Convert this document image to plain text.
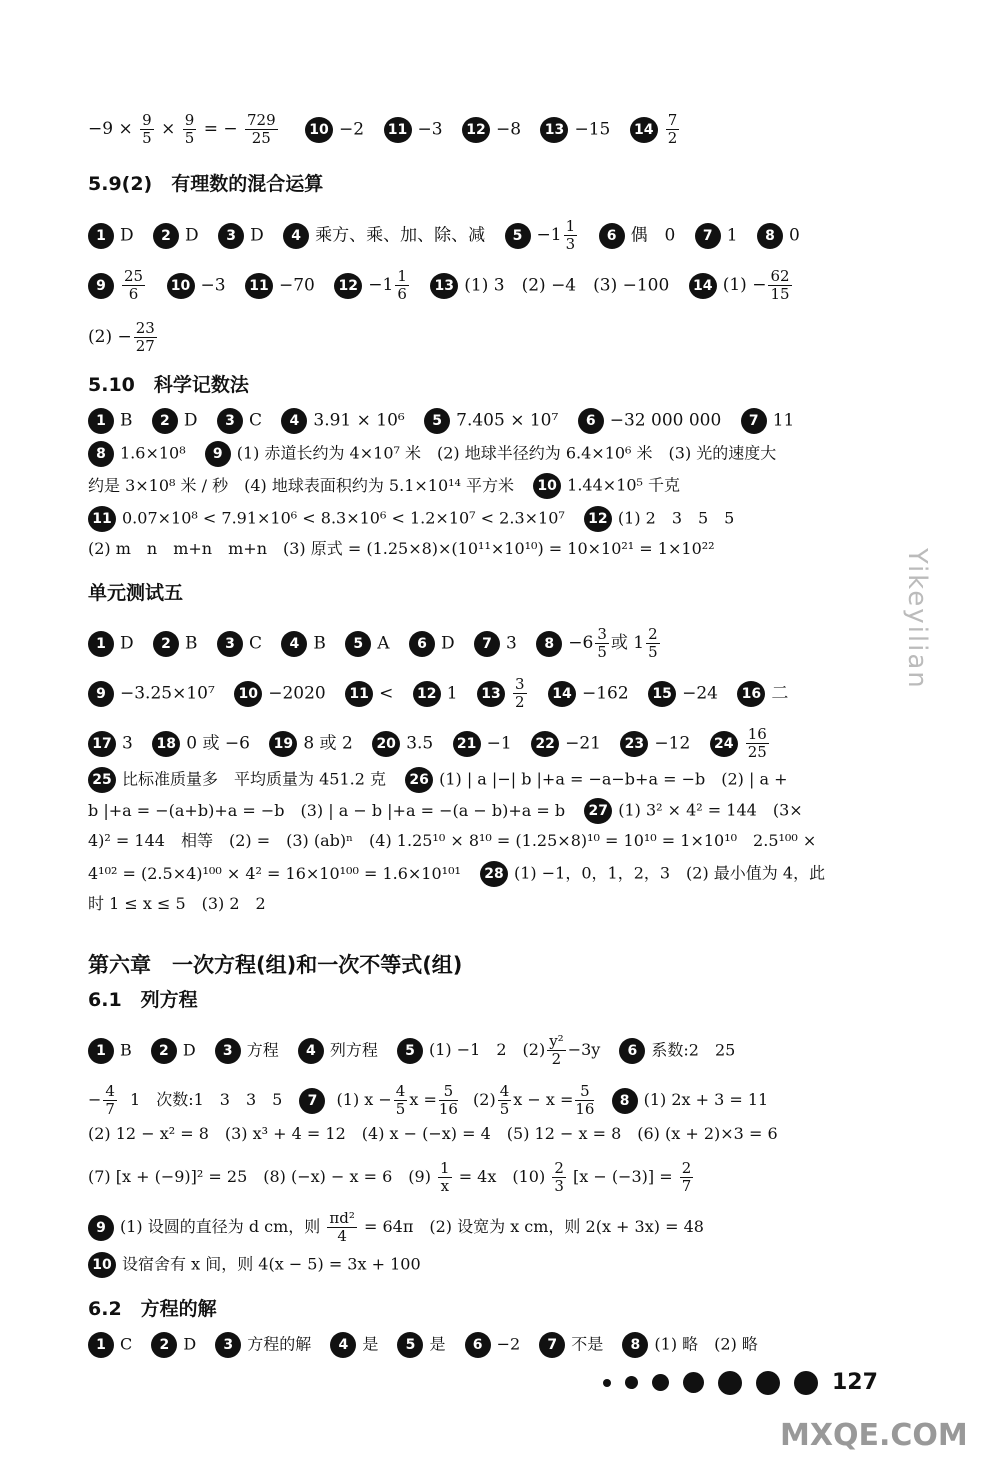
$-9 \times \frac{9}{5} \times \frac{9}{5}$ = − $\frac{729}{25} 10 -2$ 11 −3 12 −8 13 −15 $14 \frac{7}{2}$
5.9(2)　有理数的混合运算
1 D 2 D 3 D 4 乘方、乘、加、除、减 $5 -1 \frac{1}{3} 6$ 偶　0 7 1 8 0
$9 \frac{25}{6} 10 -3$ 11 −70 $12 -1 \frac{1}{6} 13$ (1) 3　(2) −4　(3) −100 14 $(1) - \frac{62}{15}$
$(2) - \frac{23}{27}$
5.10　科学记数法
1 B 2 D 3 C 4 3.91 × 10⁶ 5 7.405 × 10⁷ 6 −32 000 000 7 11
8 1.6×10⁸ 9 (1) 赤道长约为 4×10⁷ 米　(2) 地球半径约为 6.4×10⁶ 米　(3) 光的速度大
约是 3×10⁸ 米 / 秒　(4) 地球表面积约为 5.1×10¹⁴ 平方米 10 1.44×10⁵ 千克
11 0.07×10⁸ < 7.91×10⁶ < 8.3×10⁶ < 1.2×10⁷ < 2.3×10⁷ 12 (1) 2　3　5　5
(2) m　n　m+n　m+n　(3) 原式 = (1.25×8)×(10¹¹×10¹⁰) = 10×10²¹ = 1×10²²
单元测试五
1 D 2 B 3 C 4 B 5 A 6 D 7 3 $8 -6 \frac{3}{5}$ 或 $1 \frac{2}{5}$
9 −3.25×10⁷ 10 −2020 11 < 12 1 $13 \frac{3}{2} 14 -162$ 15 −24 16 二
17 3 18 0 或 −6 19 8 或 2 20 3.5 21 −1 22 −21 23 −12 $24 \frac{16}{25}$
25 比标准质量多　平均质量为 451.2 克 26 (1) | a |−| b |+a = −a−b+a = −b　(2) | a +
b |+a = −(a+b)+a = −b　(3) | a − b |+a = −(a − b)+a = b 27 (1) 3² × 4² = 144　(3×
4)² = 144　相等　(2) =　(3) (ab)ⁿ　(4) 1.25¹⁰ × 8¹⁰ = (1.25×8)¹⁰ = 10¹⁰ = 1×10¹⁰　2.5¹⁰⁰ ×
4¹⁰² = (2.5×4)¹⁰⁰ × 4² = 16×10¹⁰⁰ = 1.6×10¹⁰¹ 28 (1) −1，0，1，2，3　(2) 最小值为 4，此
时 1 ≤ x ≤ 5　(3) 2　2
第六章　一次方程(组)和一次不等式(组)
6.1　列方程
1 B 2 D 3 方程 4 列方程 5 (1) −1　2　$(2) \frac{\text{y²}}{2} -3y$ 6 系数:2　25
− $\frac{4}{7} 1$　次数:1　3　3　5 7 (1) $x - \frac{4}{5}$ $x = \frac{5}{16} (2) \frac{4}{5}$ $x - x = \frac{5}{16} 8$ (1) 2x + 3 = 11
(2) 12 − x² = 8　(3) x³ + 4 = 12　(4) x − (−x) = 4　(5) 12 − x = 8　(6) (x + 2)×3 = 6
(7) [x + (−9)]² = 25　(8) (−x) − x = 6　$(9) \frac{1}{x} = 4x$　$(10) \frac{2}{3} [x - (-3)] = \frac{2}{7}$
9 (1) 设圆的直径为 d cm，则 $\frac{\text{πd²}}{4} = 64\pi$　(2) 设宽为 x cm，则 2(x + 3x) = 48
10 设宿舍有 x 间，则 4(x − 5) = 3x + 100
6.2　方程的解
1 C 2 D 3 方程的解 4 是 5 是 6 −2 7 不是 8 (1) 略　(2) 略
Yikeyilian
127
MXQE.COM
